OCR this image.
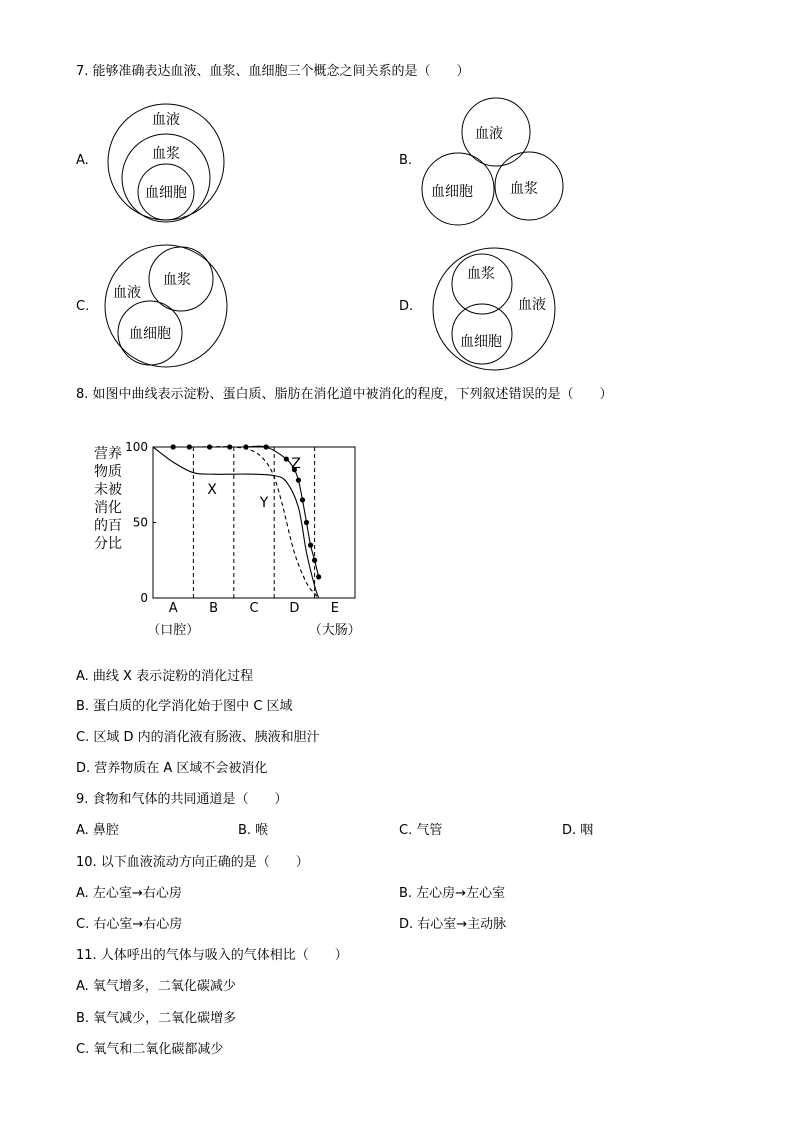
7. 能够准确表达血液、血浆、血细胞三个概念之间关系的是（　　）
A.	B.
C.	D.
血液
血浆
血细胞
血液
血细胞	血浆
血液
血浆
血细胞
血浆
血液
血细胞
8. 如图中曲线表示淀粉、蛋白质、脂肪在消化道中被消化的程度，下列叙述错误的是（　　）
营养
物质
未被
消化
的百
分比
0
50
100
X
Y
Z
A
（口腔）
B C D E
（大肠）
A. 曲线 X 表示淀粉的消化过程
B. 蛋白质的化学消化始于图中 C 区域
C. 区域 D 内的消化液有肠液、胰液和胆汁
D. 营养物质在 A 区域不会被消化
9. 食物和气体的共同通道是（　　）
A. 鼻腔	B. 喉	C. 气管	D. 咽
10. 以下血液流动方向正确的是（　　）
A. 左心室→右心房	B. 左心房→左心室
C. 右心室→右心房	D. 右心室→主动脉
11. 人体呼出的气体与吸入的气体相比（　　）
A. 氧气增多，二氧化碳减少
B. 氧气减少，二氧化碳增多
C. 氧气和二氧化碳都减少
